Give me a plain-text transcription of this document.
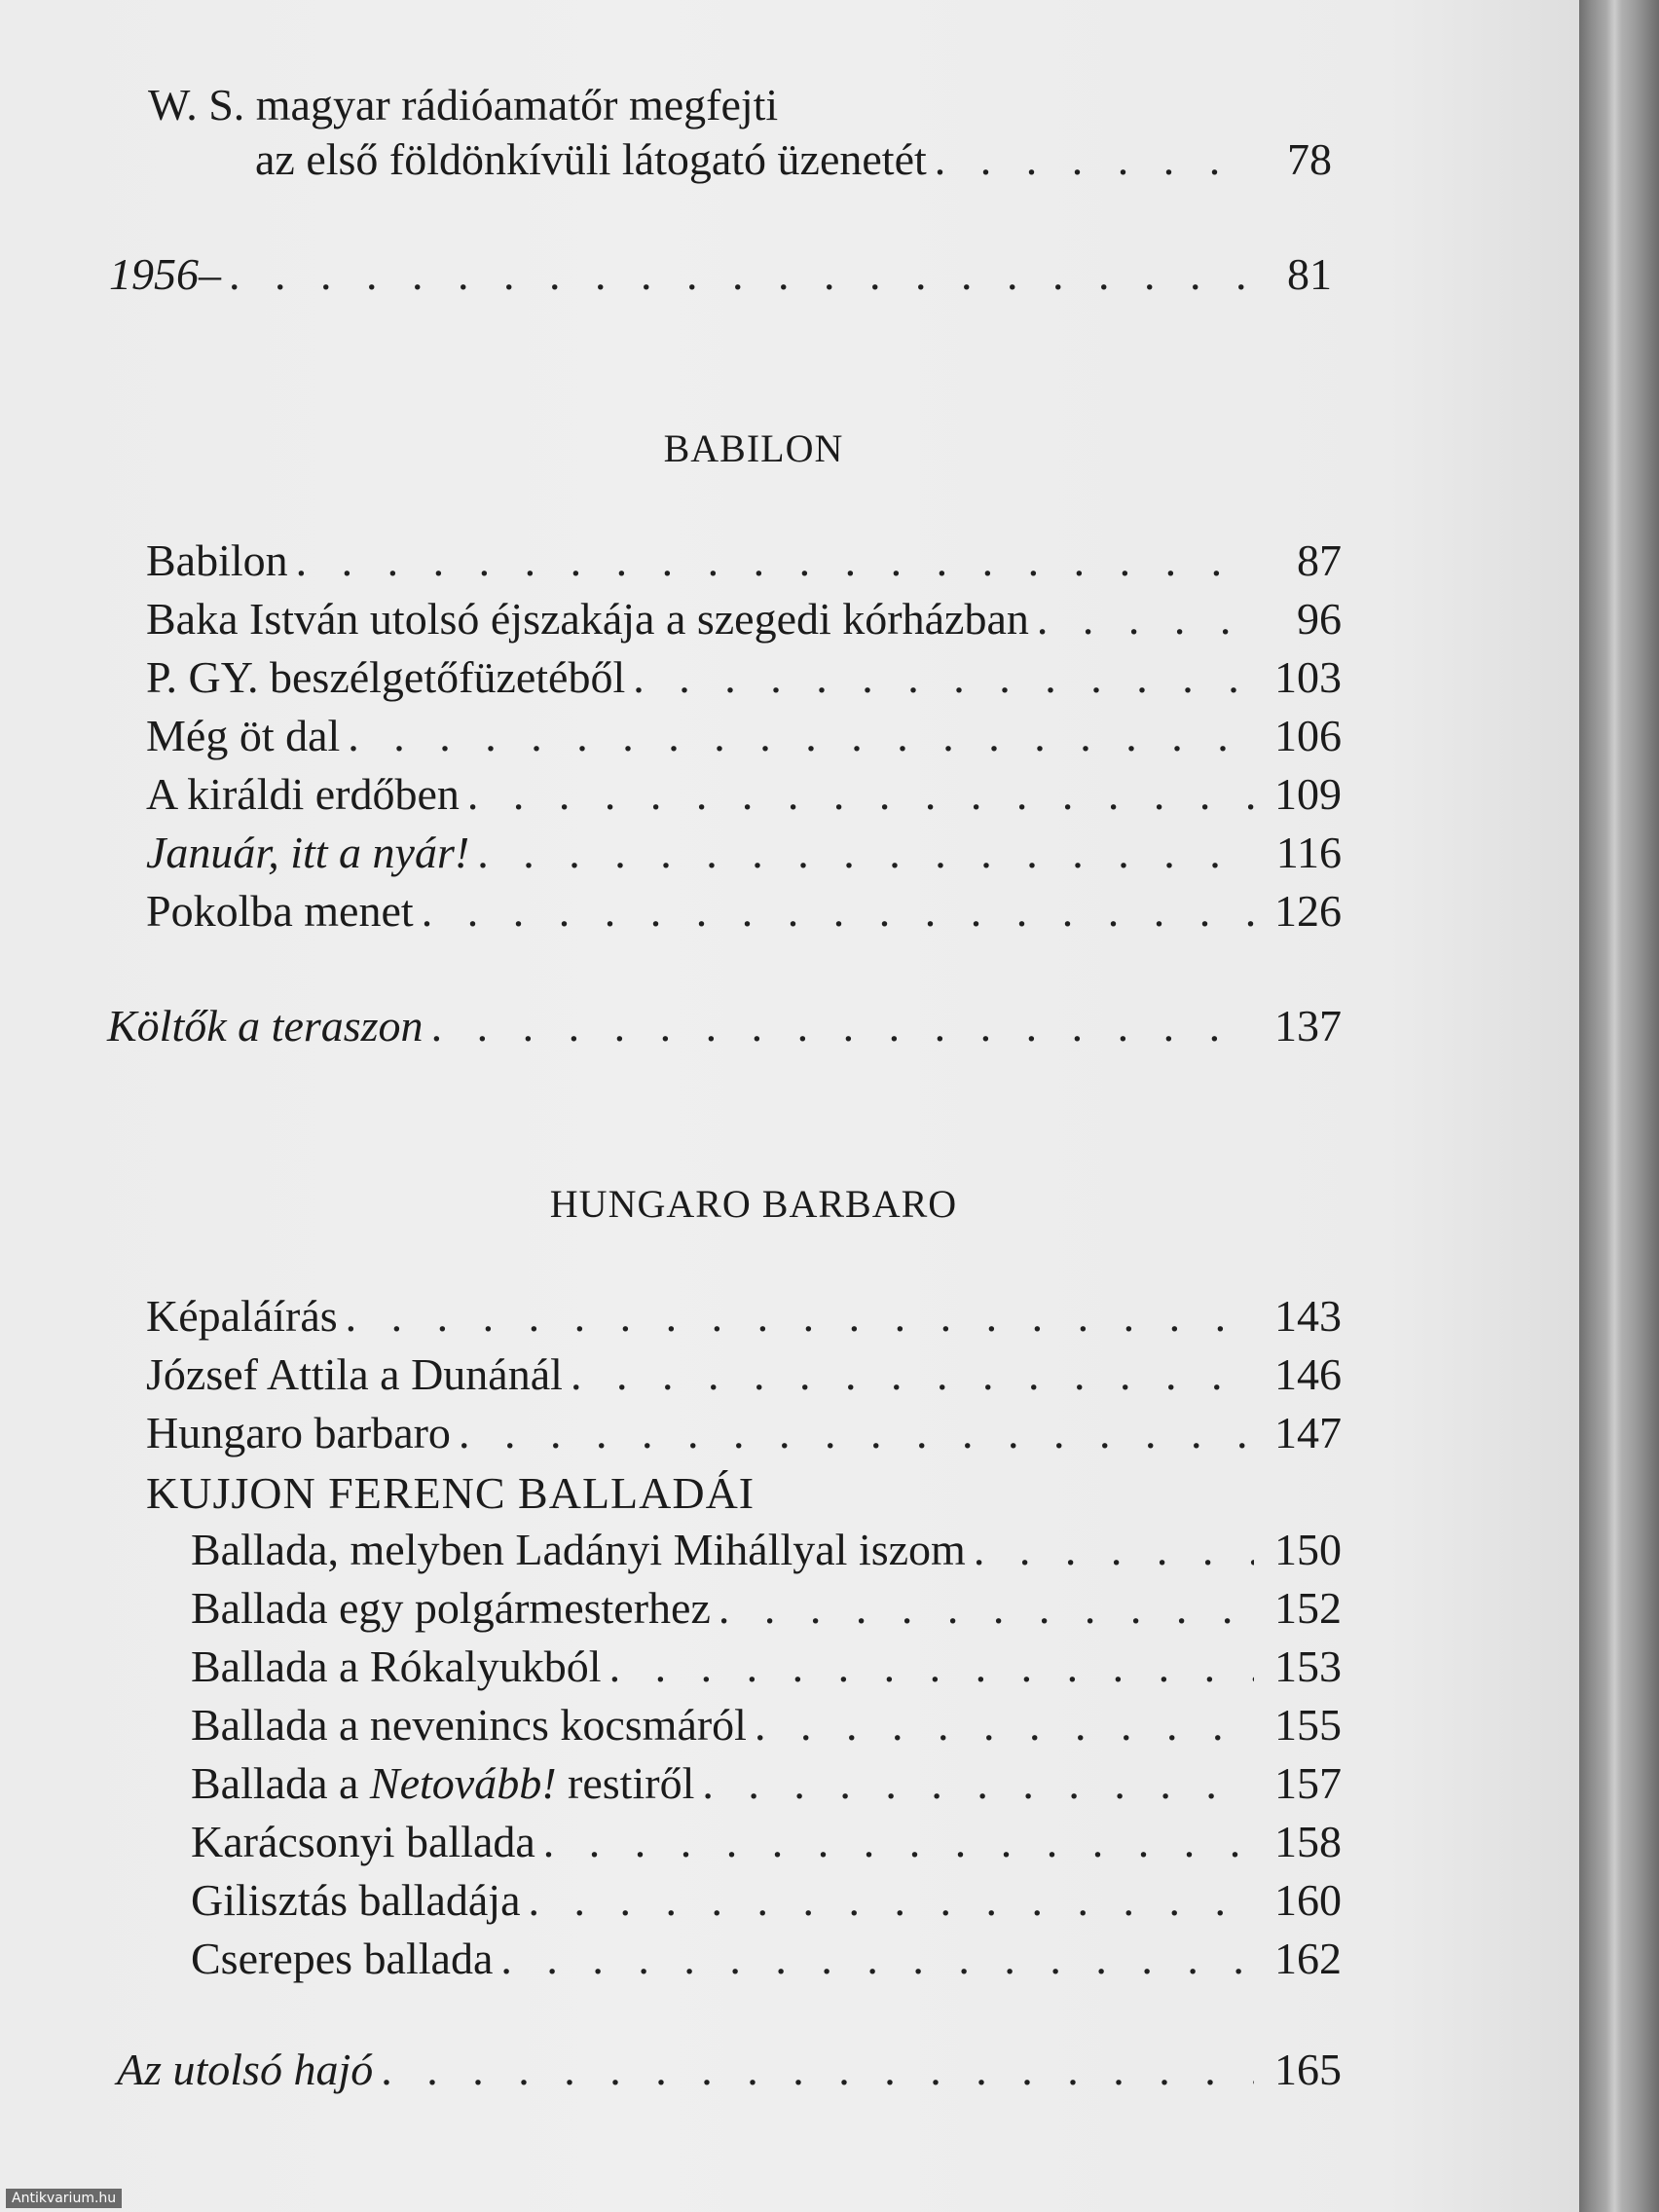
W. S. magyar rádióamatőr megfejti
az első földönkívüli látogató üzenetét . . .	78
1956– . . .	81
BABILON
Babilon . . .	87
Baka István utolsó éjszakája a szegedi kórházban . . .	96
P. GY. beszélgetőfüzetéből . . .	103
Még öt dal . . .	106
A királdi erdőben . . .	109
Január, itt a nyár! . . .	116
Pokolba menet . . .	126
Költők a teraszon . . .	137
HUNGARO BARBARO
Képaláírás . . .	143
József Attila a Dunánál . . .	146
Hungaro barbaro . . .	147
KUJJON FERENC BALLADÁI
Ballada, melyben Ladányi Mihállyal iszom . . .	150
Ballada egy polgármesterhez . . .	152
Ballada a Rókalyukból . . .	153
Ballada a nevenincs kocsmáról . . .	155
Ballada a Netovább! restiről . . .	157
Karácsonyi ballada . . .	158
Gilisztás balladája . . .	160
Cserepes ballada . . .	162
Az utolsó hajó . . .	165
Antikvarium.hu
